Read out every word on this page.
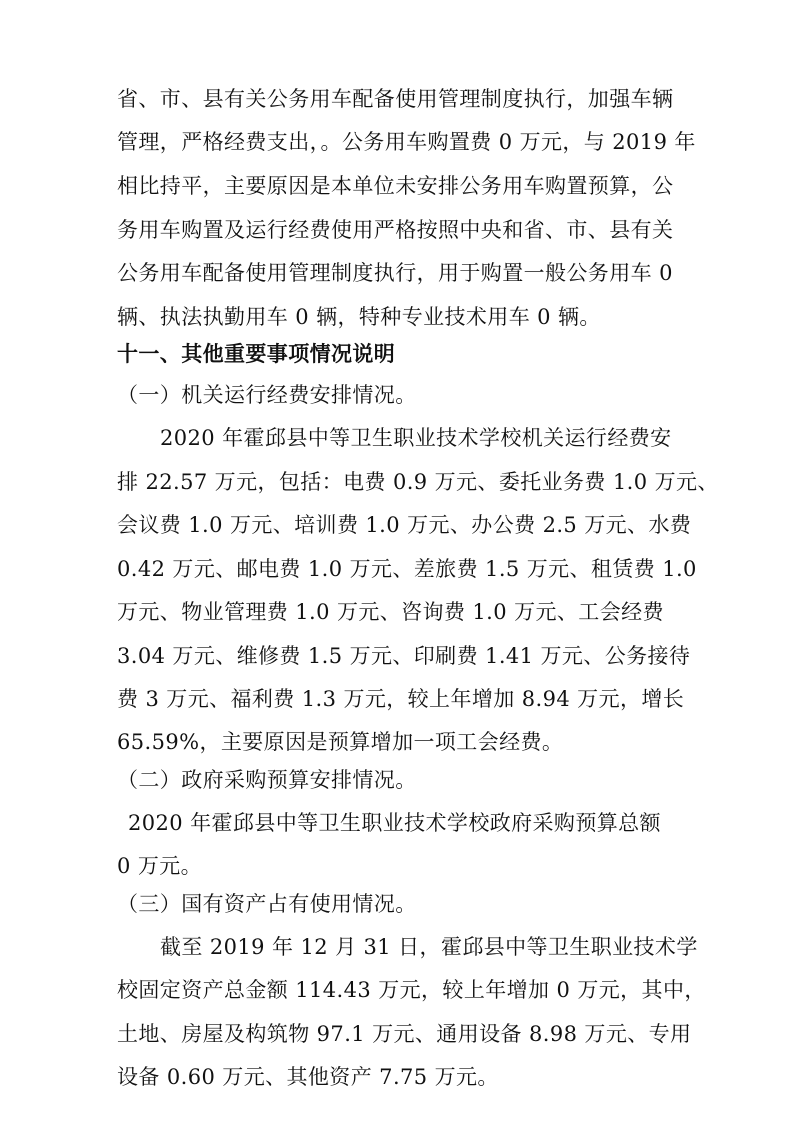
省、市、县有关公务用车配备使用管理制度执行，加强车辆
管理，严格经费支出，。公务用车购置费 0 万元，与 2019 年
相比持平，主要原因是本单位未安排公务用车购置预算，公
务用车购置及运行经费使用严格按照中央和省、市、县有关
公务用车配备使用管理制度执行，用于购置一般公务用车 0
辆、执法执勤用车 0 辆，特种专业技术用车 0 辆。
十一、其他重要事项情况说明
（一）机关运行经费安排情况。
2020 年霍邱县中等卫生职业技术学校机关运行经费安
排 22.57 万元，包括：电费 0.9 万元、委托业务费 1.0 万元、
会议费 1.0 万元、培训费 1.0 万元、办公费 2.5 万元、水费
0.42 万元、邮电费 1.0 万元、差旅费 1.5 万元、租赁费 1.0
万元、物业管理费 1.0 万元、咨询费 1.0 万元、工会经费
3.04 万元、维修费 1.5 万元、印刷费 1.41 万元、公务接待
费 3 万元、福利费 1.3 万元，较上年增加 8.94 万元，增长
65.59%，主要原因是预算增加一项工会经费。
（二）政府采购预算安排情况。
2020 年霍邱县中等卫生职业技术学校政府采购预算总额
0 万元。
（三）国有资产占有使用情况。
截至 2019 年 12 月 31 日，霍邱县中等卫生职业技术学
校固定资产总金额 114.43 万元，较上年增加 0 万元，其中，
土地、房屋及构筑物 97.1 万元、通用设备 8.98 万元、专用
设备 0.60 万元、其他资产 7.75 万元。
